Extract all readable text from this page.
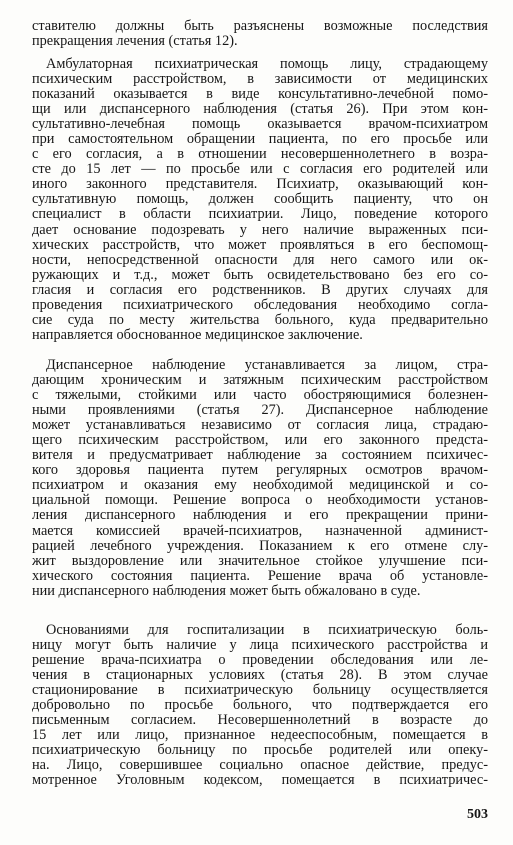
ставителю должны быть разъяснены возможные последствия
прекращения лечения (статья 12).
Амбулаторная психиатрическая помощь лицу, страдающему
психическим расстройством, в зависимости от медицинских
показаний оказывается в виде консультативно-лечебной помо-
щи или диспансерного наблюдения (статья 26). При этом кон-
сультативно-лечебная помощь оказывается врачом-психиатром
при самостоятельном обращении пациента, по его просьбе или
с его согласия, а в отношении несовершеннолетнего в возра-
сте до 15 лет — по просьбе или с согласия его родителей или
иного законного представителя. Психиатр, оказывающий кон-
сультативную помощь, должен сообщить пациенту, что он
специалист в области психиатрии. Лицо, поведение которого
дает основание подозревать у него наличие выраженных пси-
хических расстройств, что может проявляться в его беспомощ-
ности, непосредственной опасности для него самого или ок-
ружающих и т.д., может быть освидетельствовано без его со-
гласия и согласия его родственников. В других случаях для
проведения психиатрического обследования необходимо согла-
сие суда по месту жительства больного, куда предварительно
направляется обоснованное медицинское заключение.
Диспансерное наблюдение устанавливается за лицом, стра-
дающим хроническим и затяжным психическим расстройством
с тяжелыми, стойкими или часто обостряющимися болезнен-
ными проявлениями (статья 27). Диспансерное наблюдение
может устанавливаться независимо от согласия лица, страдаю-
щего психическим расстройством, или его законного предста-
вителя и предусматривает наблюдение за состоянием психичес-
кого здоровья пациента путем регулярных осмотров врачом-
психиатром и оказания ему необходимой медицинской и со-
циальной помощи. Решение вопроса о необходимости установ-
ления диспансерного наблюдения и его прекращении прини-
мается комиссией врачей-психиатров, назначенной админист-
рацией лечебного учреждения. Показанием к его отмене слу-
жит выздоровление или значительное стойкое улучшение пси-
хического состояния пациента. Решение врача об установле-
нии диспансерного наблюдения может быть обжаловано в суде.
Основаниями для госпитализации в психиатрическую боль-
ницу могут быть наличие у лица психического расстройства и
решение врача-психиатра о проведении обследования или ле-
чения в стационарных условиях (статья 28). В этом случае
стационирование в психиатрическую больницу осуществляется
добровольно по просьбе больного, что подтверждается его
письменным согласием. Несовершеннолетний в возрасте до
15 лет или лицо, признанное недееспособным, помещается в
психиатрическую больницу по просьбе родителей или опеку-
на. Лицо, совершившее социально опасное действие, предус-
мотренное Уголовным кодексом, помещается в психиатричес-
503
